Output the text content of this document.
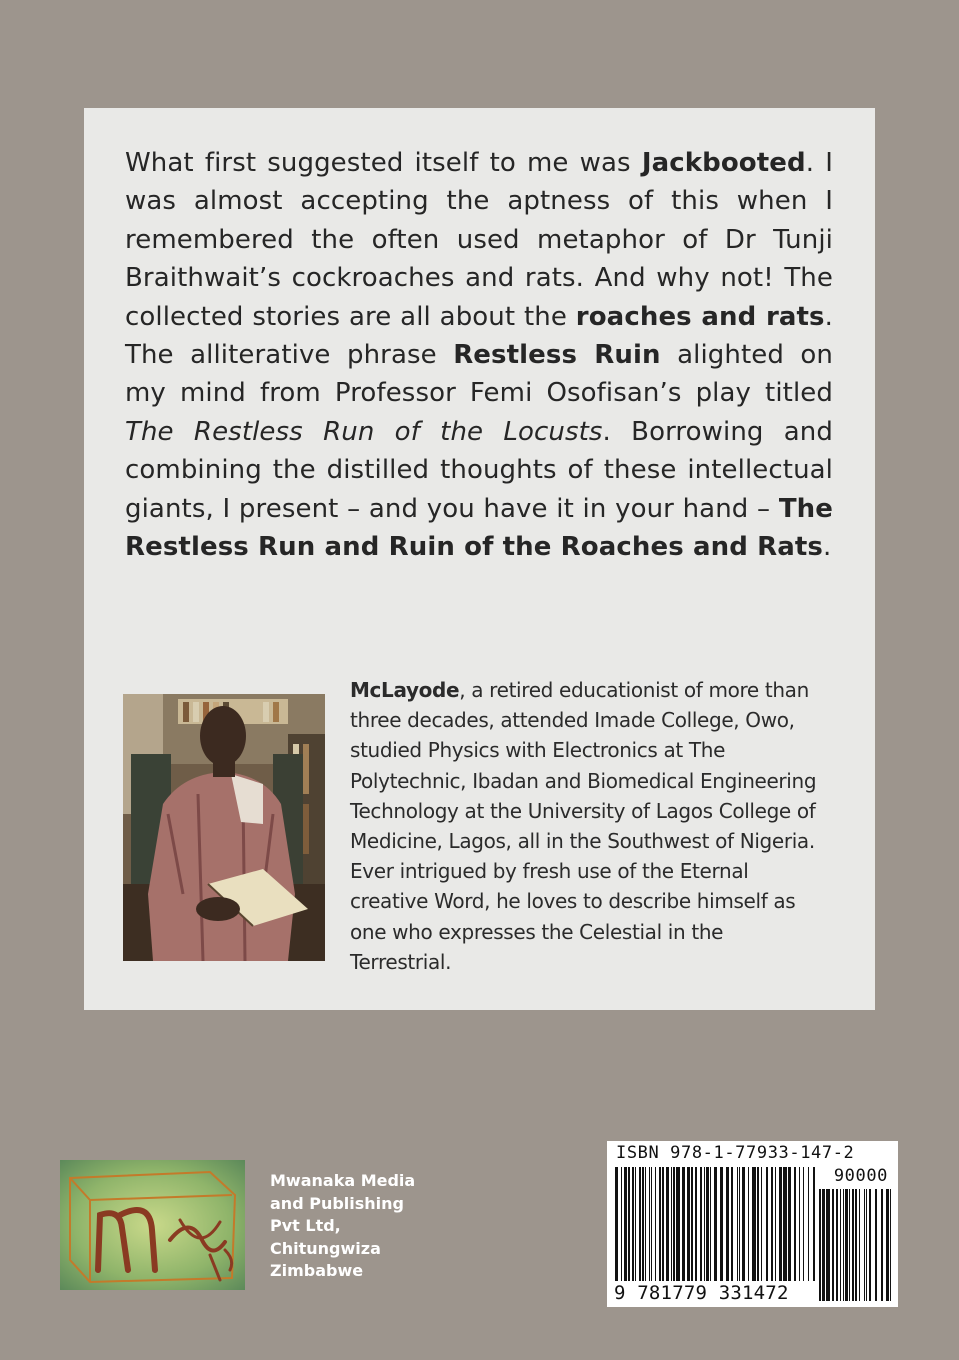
What first suggested itself to me was Jackbooted. I was almost accepting the aptness of this when I remembered the often used metaphor of Dr Tunji Braithwait’s cockroaches and rats. And why not! The collected stories are all about the roaches and rats. The alliterative phrase Restless Ruin alighted on my mind from Professor Femi Osofisan’s play titled The Restless Run of the Locusts. Borrowing and combining the distilled thoughts of these intellectual giants, I present – and you have it in your hand – The Restless Run and Ruin of the Roaches and Rats.

McLayode, a retired educationist of more than three decades, attended Imade College, Owo, studied Physics with Electronics at The Polytechnic, Ibadan and Biomedical Engineering Technology at the University of Lagos College of Medicine, Lagos, all in the Southwest of Nigeria. Ever intrigued by fresh use of the Eternal creative Word, he loves to describe himself as one who expresses the Celestial in the Terrestrial.

Mwanaka Media
and Publishing
Pvt Ltd,
Chitungwiza
Zimbabwe

ISBN 978-1-77933-147-2
90000
9 781779 331472
